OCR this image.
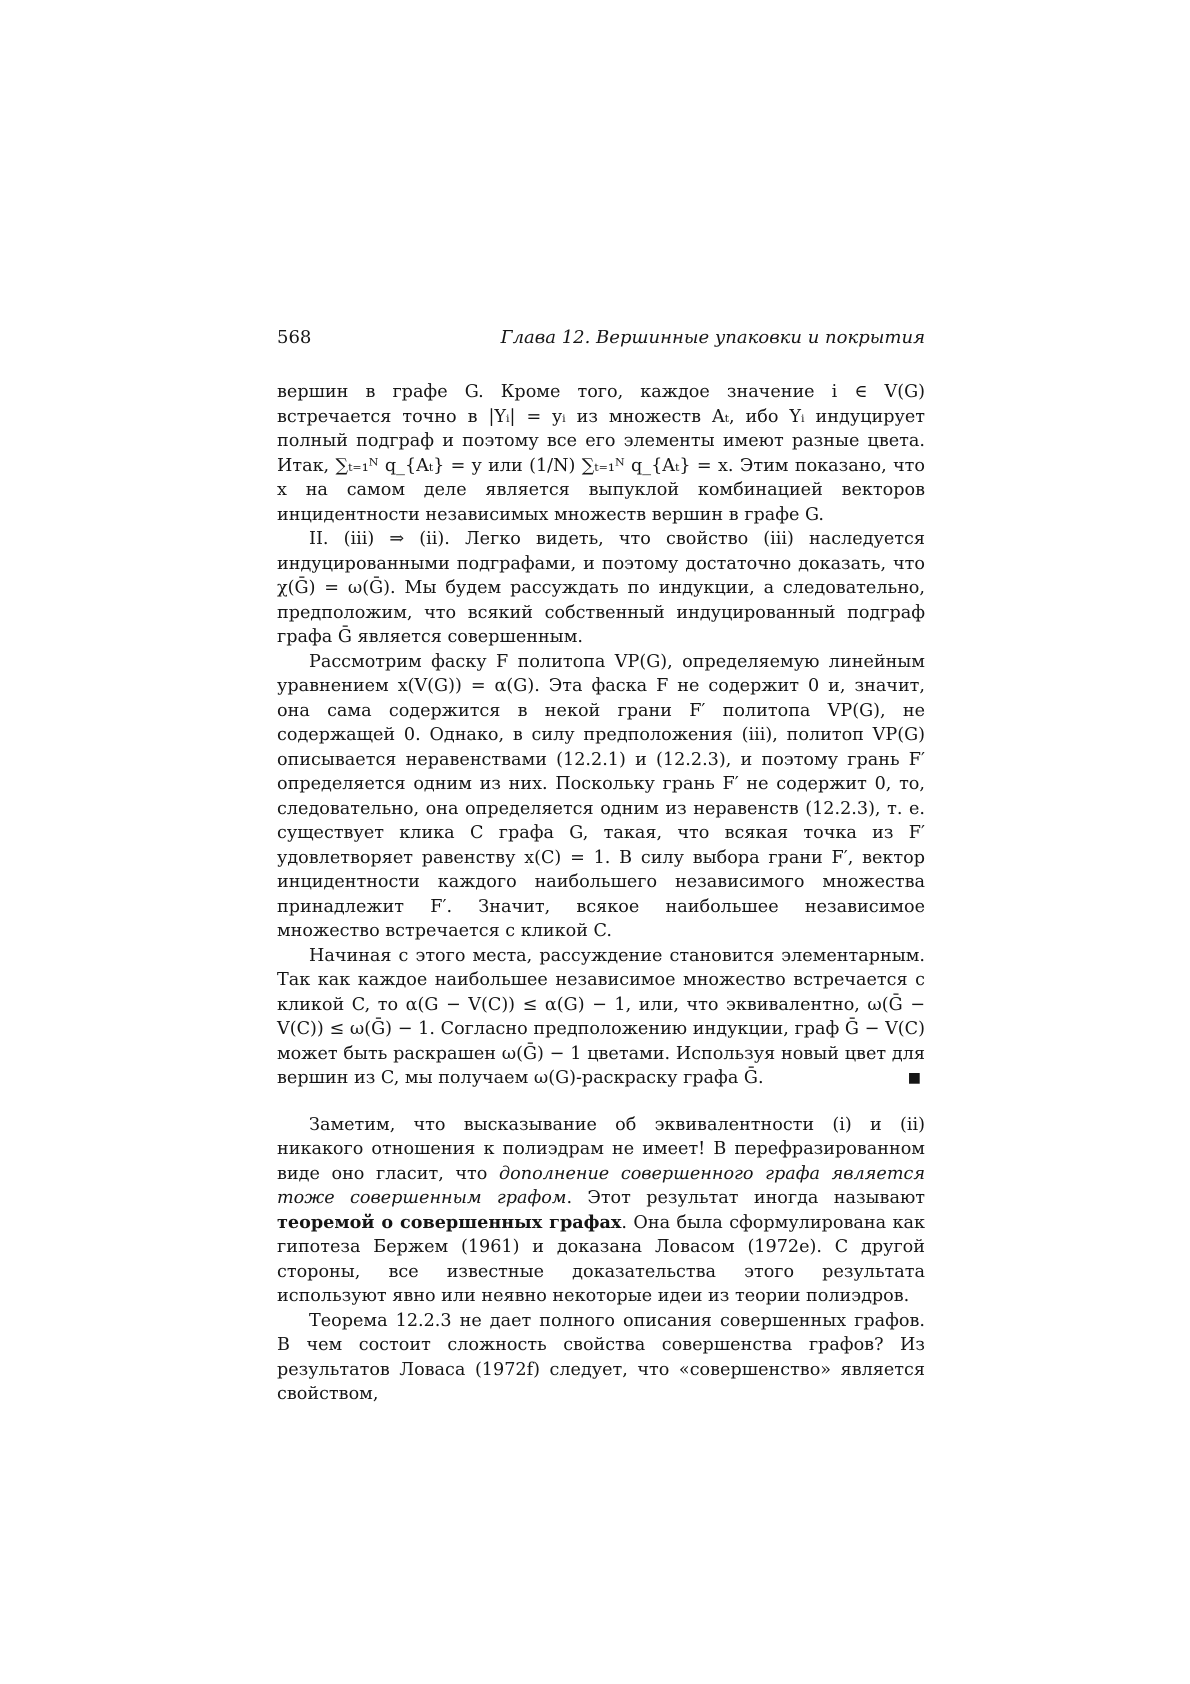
568	Глава 12. Вершинные упаковки и покрытия

вершин в графе G. Кроме того, каждое значение i ∈ V(G) встречается точно в |Yᵢ| = yᵢ из множеств Aₜ, ибо Yᵢ индуцирует полный подграф и поэтому все его элементы имеют разные цвета. Итак, ∑ₜ₌₁ᴺ q_{Aₜ} = y или (1/N) ∑ₜ₌₁ᴺ q_{Aₜ} = x. Этим показано, что x на самом деле является выпуклой комбинацией векторов инцидентности независимых множеств вершин в графе G.

II. (iii) ⇒ (ii). Легко видеть, что свойство (iii) наследуется индуцированными подграфами, и поэтому достаточно доказать, что χ(Ḡ) = ω(Ḡ). Мы будем рассуждать по индукции, а следовательно, предположим, что всякий собственный индуцированный подграф графа Ḡ является совершенным.

Рассмотрим фаску F политопа VP(G), определяемую линейным уравнением x(V(G)) = α(G). Эта фаска F не содержит 0 и, значит, она сама содержится в некой грани F′ политопа VP(G), не содержащей 0. Однако, в силу предположения (iii), политоп VP(G) описывается неравенствами (12.2.1) и (12.2.3), и поэтому грань F′ определяется одним из них. Поскольку грань F′ не содержит 0, то, следовательно, она определяется одним из неравенств (12.2.3), т. е. существует клика C графа G, такая, что всякая точка из F′ удовлетворяет равенству x(C) = 1. В силу выбора грани F′, вектор инцидентности каждого наибольшего независимого множества принадлежит F′. Значит, всякое наибольшее независимое множество встречается с кликой C.

Начиная с этого места, рассуждение становится элементарным. Так как каждое наибольшее независимое множество встречается с кликой C, то α(G − V(C)) ≤ α(G) − 1, или, что эквивалентно, ω(Ḡ − V(C)) ≤ ω(Ḡ) − 1. Согласно предположению индукции, граф Ḡ − V(C) может быть раскрашен ω(Ḡ) − 1 цветами. Используя новый цвет для вершин из C, мы получаем ω(G)-раскраску графа Ḡ.	■

Заметим, что высказывание об эквивалентности (i) и (ii) никакого отношения к полиэдрам не имеет! В перефразированном виде оно гласит, что дополнение совершенного графа является тоже совершенным графом. Этот результат иногда называют теоремой о совершенных графах. Она была сформулирована как гипотеза Бержем (1961) и доказана Ловасом (1972e). С другой стороны, все известные доказательства этого результата используют явно или неявно некоторые идеи из теории полиэдров.

Теорема 12.2.3 не дает полного описания совершенных графов. В чем состоит сложность свойства совершенства графов? Из результатов Ловаса (1972f) следует, что «совершенство» является свойством,
